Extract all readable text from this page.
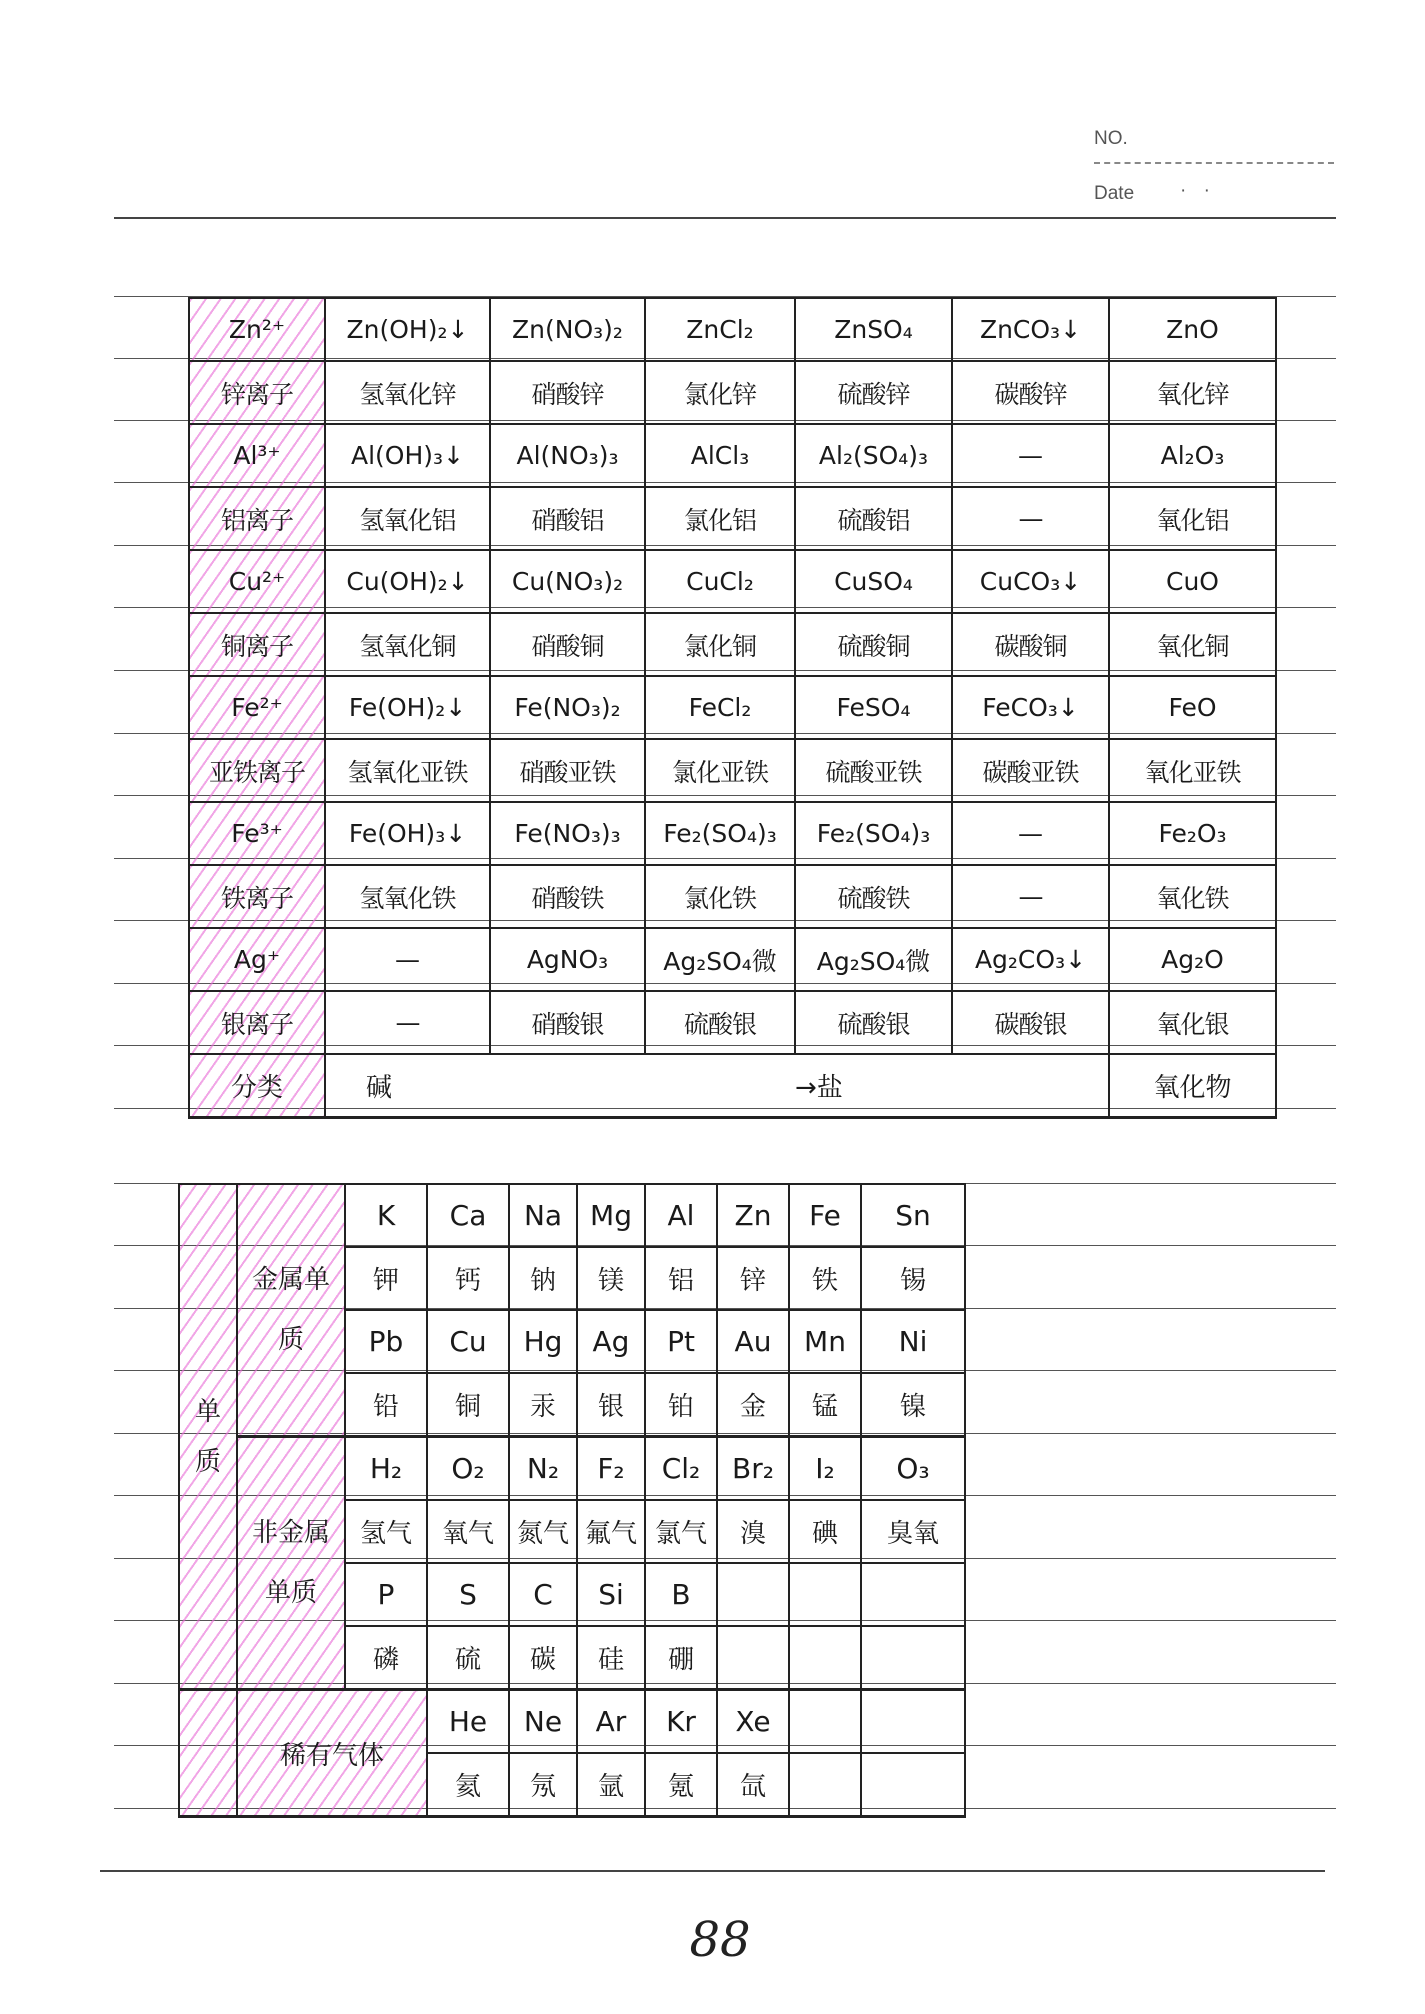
NO.
Date · ·
Zn²⁺	Zn(OH)₂↓	Zn(NO₃)₂	ZnCl₂	ZnSO₄	ZnCO₃↓	ZnO
锌离子	氢氧化锌	硝酸锌	氯化锌	硫酸锌	碳酸锌	氧化锌
Al³⁺	Al(OH)₃↓	Al(NO₃)₃	AlCl₃	Al₂(SO₄)₃	—	Al₂O₃
铝离子	氢氧化铝	硝酸铝	氯化铝	硫酸铝	—	氧化铝
Cu²⁺	Cu(OH)₂↓	Cu(NO₃)₂	CuCl₂	CuSO₄	CuCO₃↓	CuO
铜离子	氢氧化铜	硝酸铜	氯化铜	硫酸铜	碳酸铜	氧化铜
Fe²⁺	Fe(OH)₂↓	Fe(NO₃)₂	FeCl₂	FeSO₄	FeCO₃↓	FeO
亚铁离子	氢氧化亚铁	硝酸亚铁	氯化亚铁	硫酸亚铁	碳酸亚铁	氧化亚铁
Fe³⁺	Fe(OH)₃↓	Fe(NO₃)₃	Fe₂(SO₄)₃	Fe₂(SO₄)₃	—	Fe₂O₃
铁离子	氢氧化铁	硝酸铁	氯化铁	硫酸铁	—	氧化铁
Ag⁺	—	AgNO₃	Ag₂SO₄微	Ag₂SO₄微	Ag₂CO₃↓	Ag₂O
银离子	—	硝酸银	硫酸银	硫酸银	碳酸银	氧化银
分类	碱			→盐		氧化物
单质	金属单质	K	Ca	Na	Mg	Al	Zn	Fe	Sn
		钾	钙	钠	镁	铝	锌	铁	锡
		Pb	Cu	Hg	Ag	Pt	Au	Mn	Ni
		铅	铜	汞	银	铂	金	锰	镍
	非金属单质	H₂	O₂	N₂	F₂	Cl₂	Br₂	I₂	O₃
		氢气	氧气	氮气	氟气	氯气	溴	碘	臭氧
		P	S	C	Si	B			
		磷	硫	碳	硅	硼			
	稀有气体		He	Ne	Ar	Kr	Xe		
			氦	氖	氩	氪	氙		
88
